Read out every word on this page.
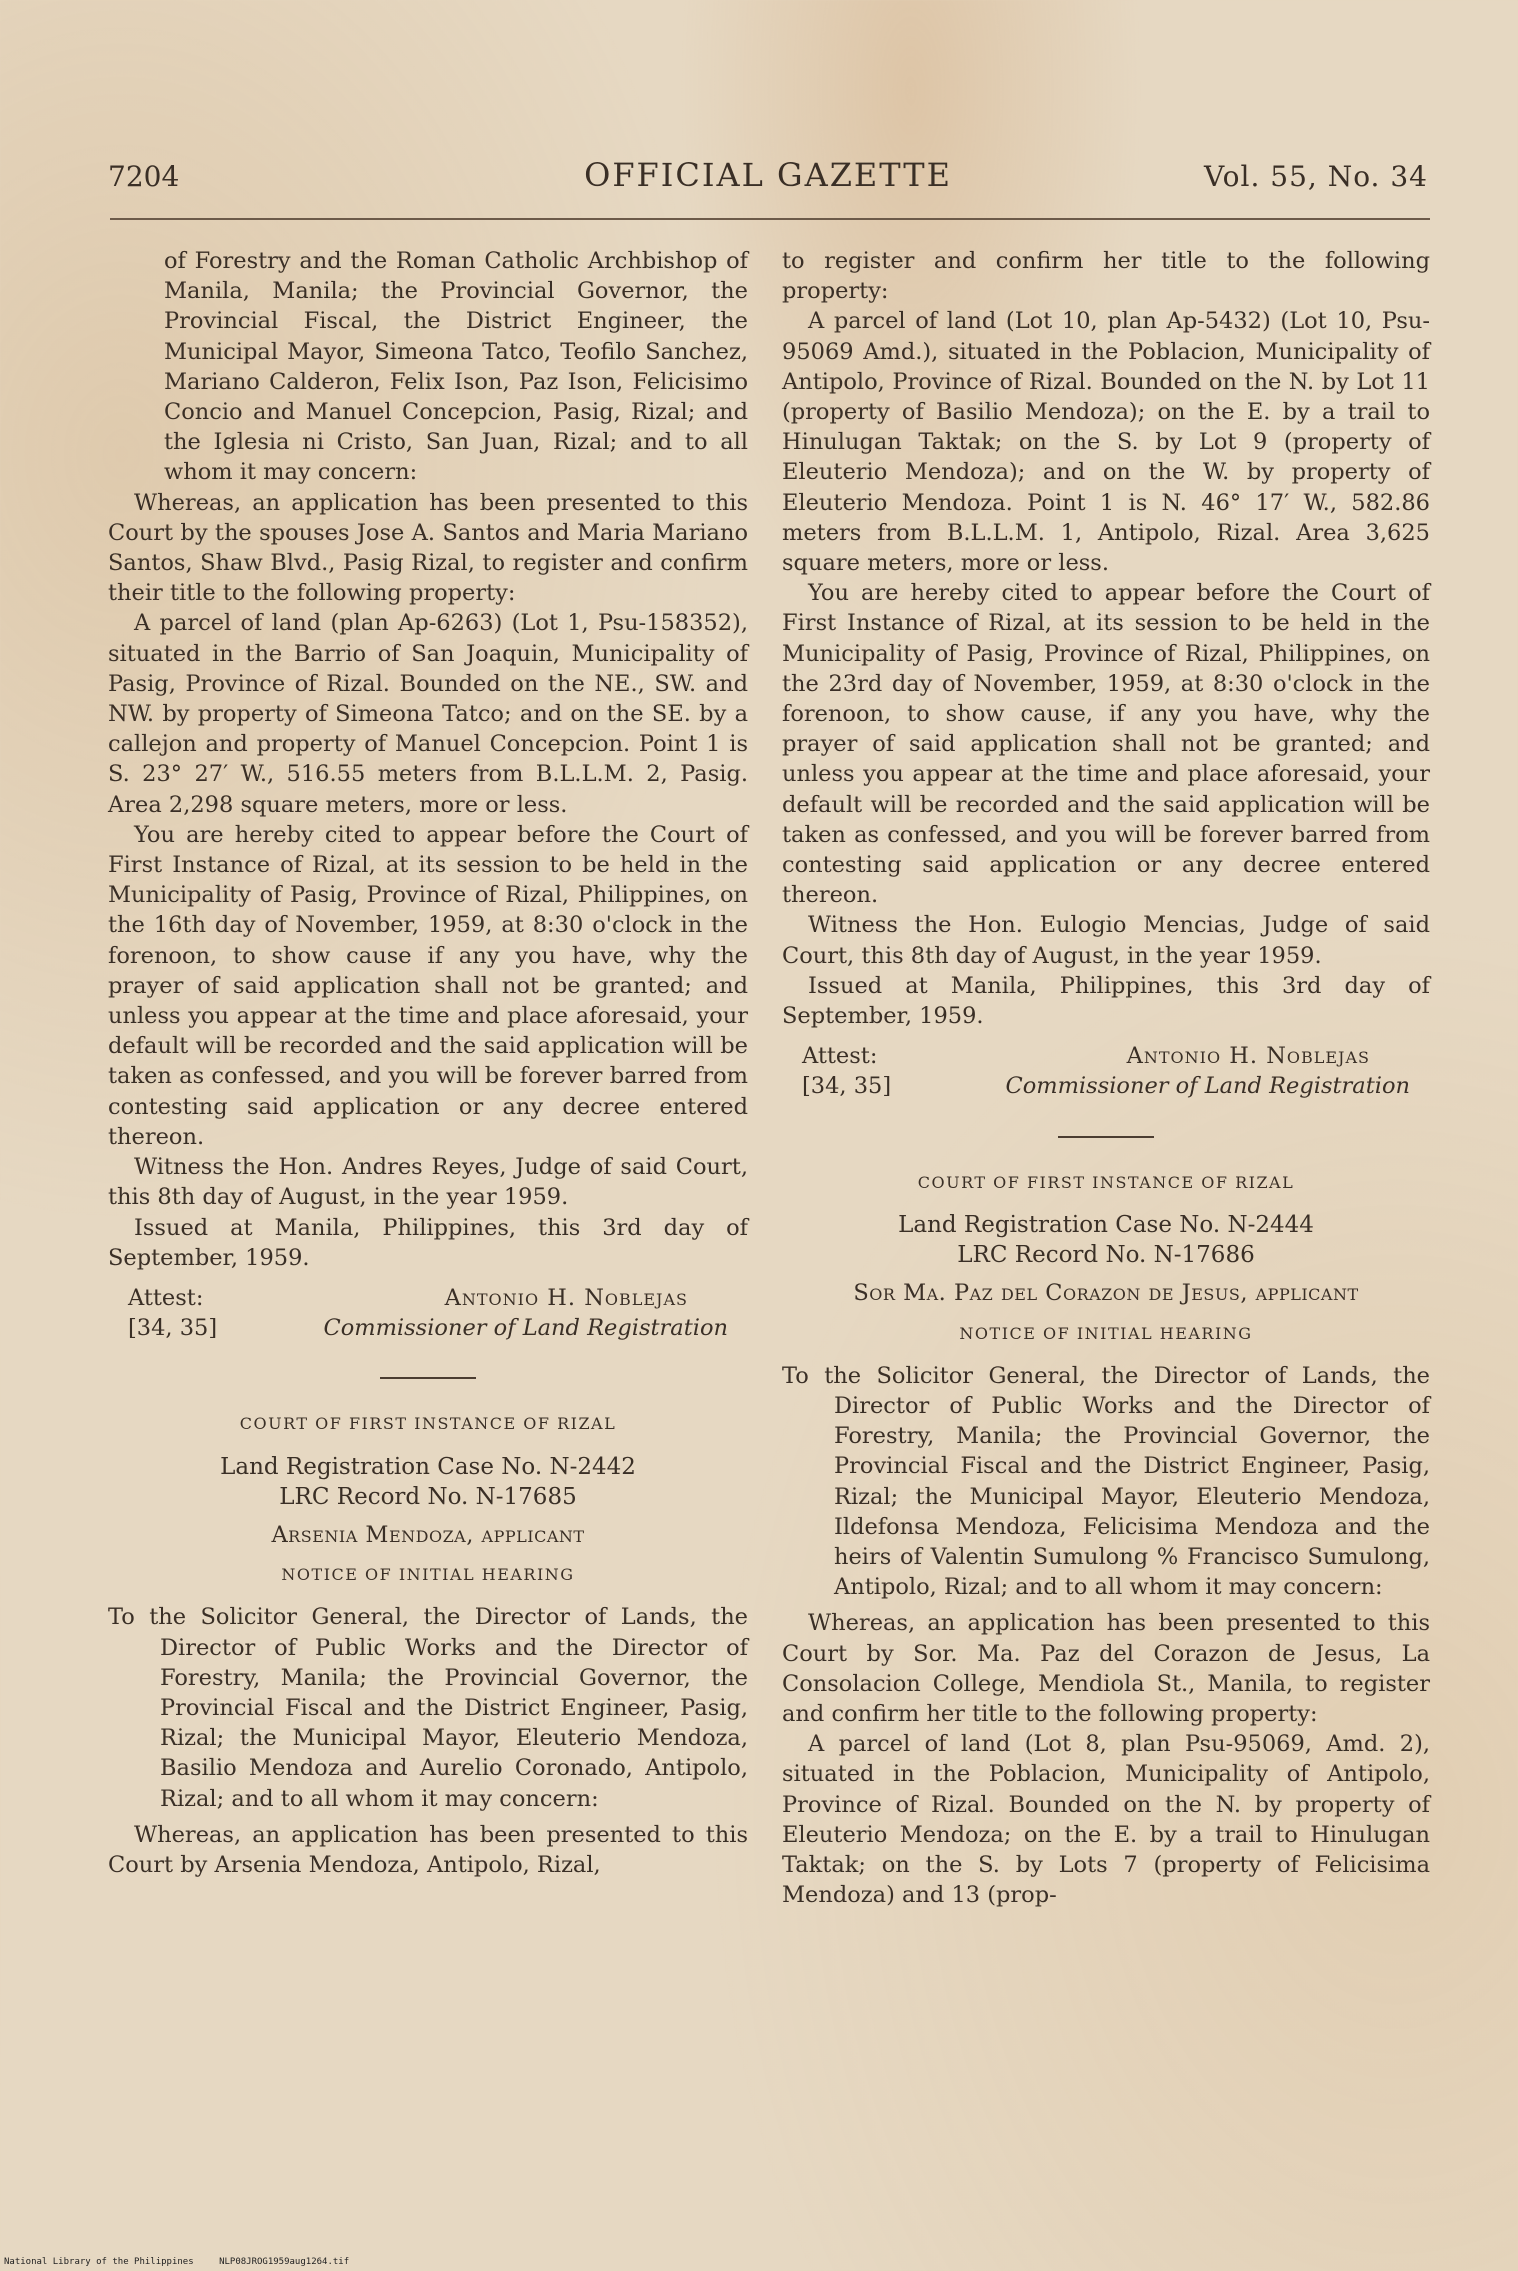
7204	OFFICIAL GAZETTE	Vol. 55, No. 34

of Forestry and the Roman Catholic Archbishop of Manila, Manila; the Provincial Governor, the Provincial Fiscal, the District Engineer, the Municipal Mayor, Simeona Tatco, Teofilo Sanchez, Mariano Calderon, Felix Ison, Paz Ison, Felicisimo Concio and Manuel Concepcion, Pasig, Rizal; and the Iglesia ni Cristo, San Juan, Rizal; and to all whom it may concern:

Whereas, an application has been presented to this Court by the spouses Jose A. Santos and Maria Mariano Santos, Shaw Blvd., Pasig Rizal, to register and confirm their title to the following property:

A parcel of land (plan Ap-6263) (Lot 1, Psu-158352), situated in the Barrio of San Joaquin, Municipality of Pasig, Province of Rizal. Bounded on the NE., SW. and NW. by property of Simeona Tatco; and on the SE. by a callejon and property of Manuel Concepcion. Point 1 is S. 23° 27′ W., 516.55 meters from B.L.L.M. 2, Pasig. Area 2,298 square meters, more or less.

You are hereby cited to appear before the Court of First Instance of Rizal, at its session to be held in the Municipality of Pasig, Province of Rizal, Philippines, on the 16th day of November, 1959, at 8:30 o'clock in the forenoon, to show cause if any you have, why the prayer of said application shall not be granted; and unless you appear at the time and place aforesaid, your default will be recorded and the said application will be taken as confessed, and you will be forever barred from contesting said application or any decree entered thereon.

Witness the Hon. Andres Reyes, Judge of said Court, this 8th day of August, in the year 1959.

Issued at Manila, Philippines, this 3rd day of September, 1959.

Attest:	Antonio H. Noblejas
[34, 35]	Commissioner of Land Registration
COURT OF FIRST INSTANCE OF RIZAL

Land Registration Case No. N-2442

LRC Record No. N-17685

Arsenia Mendoza, applicant

NOTICE OF INITIAL HEARING

To the Solicitor General, the Director of Lands, the Director of Public Works and the Director of Forestry, Manila; the Provincial Governor, the Provincial Fiscal and the District Engineer, Pasig, Rizal; the Municipal Mayor, Eleuterio Mendoza, Basilio Mendoza and Aurelio Coronado, Antipolo, Rizal; and to all whom it may concern:

Whereas, an application has been presented to this Court by Arsenia Mendoza, Antipolo, Rizal,

to register and confirm her title to the following property:

A parcel of land (Lot 10, plan Ap-5432) (Lot 10, Psu-95069 Amd.), situated in the Poblacion, Municipality of Antipolo, Province of Rizal. Bounded on the N. by Lot 11 (property of Basilio Mendoza); on the E. by a trail to Hinulugan Taktak; on the S. by Lot 9 (property of Eleuterio Mendoza); and on the W. by property of Eleuterio Mendoza. Point 1 is N. 46° 17′ W., 582.86 meters from B.L.L.M. 1, Antipolo, Rizal. Area 3,625 square meters, more or less.

You are hereby cited to appear before the Court of First Instance of Rizal, at its session to be held in the Municipality of Pasig, Province of Rizal, Philippines, on the 23rd day of November, 1959, at 8:30 o'clock in the forenoon, to show cause, if any you have, why the prayer of said application shall not be granted; and unless you appear at the time and place aforesaid, your default will be recorded and the said application will be taken as confessed, and you will be forever barred from contesting said application or any decree entered thereon.

Witness the Hon. Eulogio Mencias, Judge of said Court, this 8th day of August, in the year 1959.

Issued at Manila, Philippines, this 3rd day of September, 1959.

Attest:	Antonio H. Noblejas
[34, 35]	Commissioner of Land Registration
COURT OF FIRST INSTANCE OF RIZAL

Land Registration Case No. N-2444

LRC Record No. N-17686

Sor Ma. Paz del Corazon de Jesus, applicant

NOTICE OF INITIAL HEARING

To the Solicitor General, the Director of Lands, the Director of Public Works and the Director of Forestry, Manila; the Provincial Governor, the Provincial Fiscal and the District Engineer, Pasig, Rizal; the Municipal Mayor, Eleuterio Mendoza, Ildefonsa Mendoza, Felicisima Mendoza and the heirs of Valentin Sumulong % Francisco Sumulong, Antipolo, Rizal; and to all whom it may concern:

Whereas, an application has been presented to this Court by Sor. Ma. Paz del Corazon de Jesus, La Consolacion College, Mendiola St., Manila, to register and confirm her title to the following property:

A parcel of land (Lot 8, plan Psu-95069, Amd. 2), situated in the Poblacion, Municipality of Antipolo, Province of Rizal. Bounded on the N. by property of Eleuterio Mendoza; on the E. by a trail to Hinulugan Taktak; on the S. by Lots 7 (property of Felicisima Mendoza) and 13 (prop-

National Library of the Philippines	NLP08JROG1959aug1264.tif
